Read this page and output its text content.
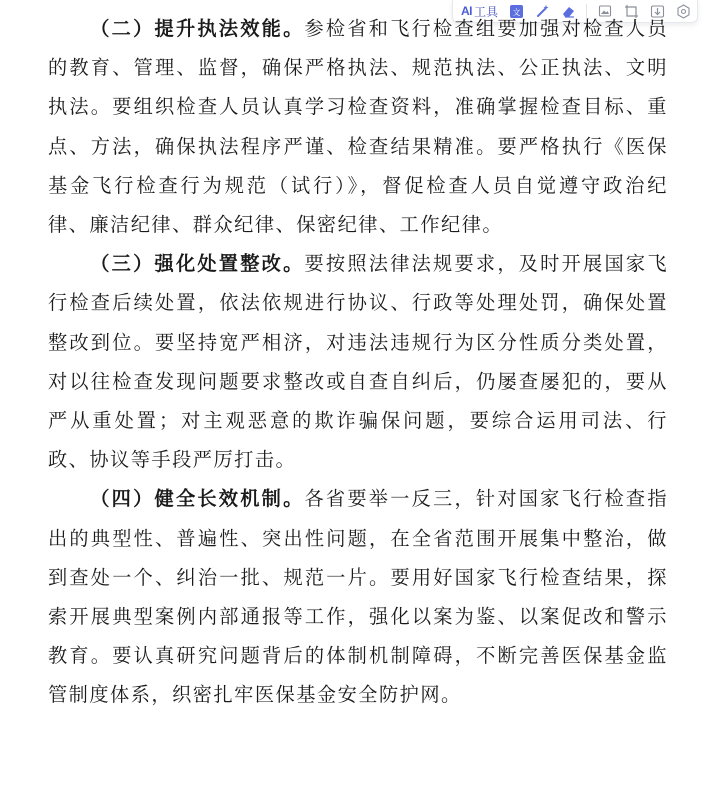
AI 工具 文

（二）提升执法效能。参检省和飞行检查组要加强对检查人员的教育、管理、监督，确保严格执法、规范执法、公正执法、文明执法。要组织检查人员认真学习检查资料，准确掌握检查目标、重点、方法，确保执法程序严谨、检查结果精准。要严格执行《医保基金飞行检查行为规范（试行）》，督促检查人员自觉遵守政治纪律、廉洁纪律、群众纪律、保密纪律、工作纪律。

（三）强化处置整改。要按照法律法规要求，及时开展国家飞行检查后续处置，依法依规进行协议、行政等处理处罚，确保处置整改到位。要坚持宽严相济，对违法违规行为区分性质分类处置，对以往检查发现问题要求整改或自查自纠后，仍屡查屡犯的，要从严从重处置；对主观恶意的欺诈骗保问题，要综合运用司法、行政、协议等手段严厉打击。

（四）健全长效机制。各省要举一反三，针对国家飞行检查指出的典型性、普遍性、突出性问题，在全省范围开展集中整治，做到查处一个、纠治一批、规范一片。要用好国家飞行检查结果，探索开展典型案例内部通报等工作，强化以案为鉴、以案促改和警示教育。要认真研究问题背后的体制机制障碍，不断完善医保基金监管制度体系，织密扎牢医保基金安全防护网。
